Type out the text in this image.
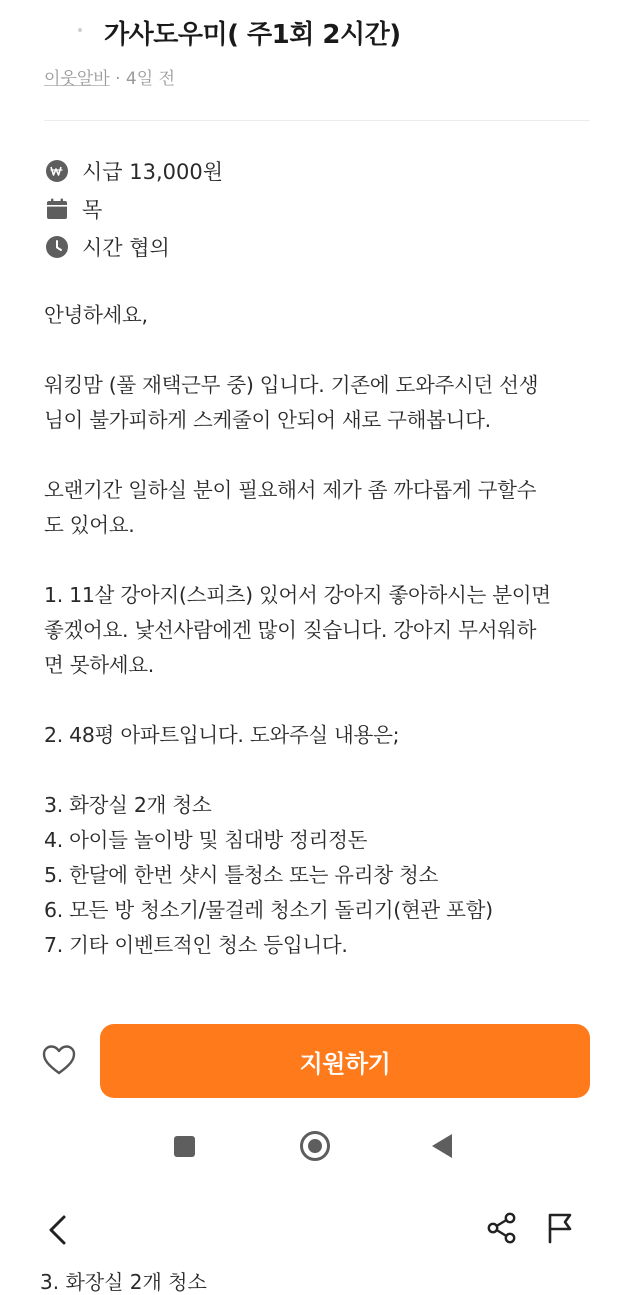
가사도우미( 주1회 2시간)
이웃알바 · 4일 전
시급 13,000원
목
시간 협의

안녕하세요,

워킹맘 (풀 재택근무 중) 입니다. 기존에 도와주시던 선생
님이 불가피하게 스케줄이 안되어 새로 구해봅니다.

오랜기간 일하실 분이 필요해서 제가 좀 까다롭게 구할수
도 있어요.

1. 11살 강아지(스피츠) 있어서 강아지 좋아하시는 분이면
좋겠어요. 낯선사람에겐 많이 짖습니다. 강아지 무서워하
면 못하세요.

2. 48평 아파트입니다. 도와주실 내용은;

3. 화장실 2개 청소
4. 아이들 놀이방 및 침대방 정리정돈
5. 한달에 한번 샷시 틀청소 또는 유리창 청소
6. 모든 방 청소기/물걸레 청소기 돌리기(현관 포함)
7. 기타 이벤트적인 청소 등입니다.
지원하기
3. 화장실 2개 청소
